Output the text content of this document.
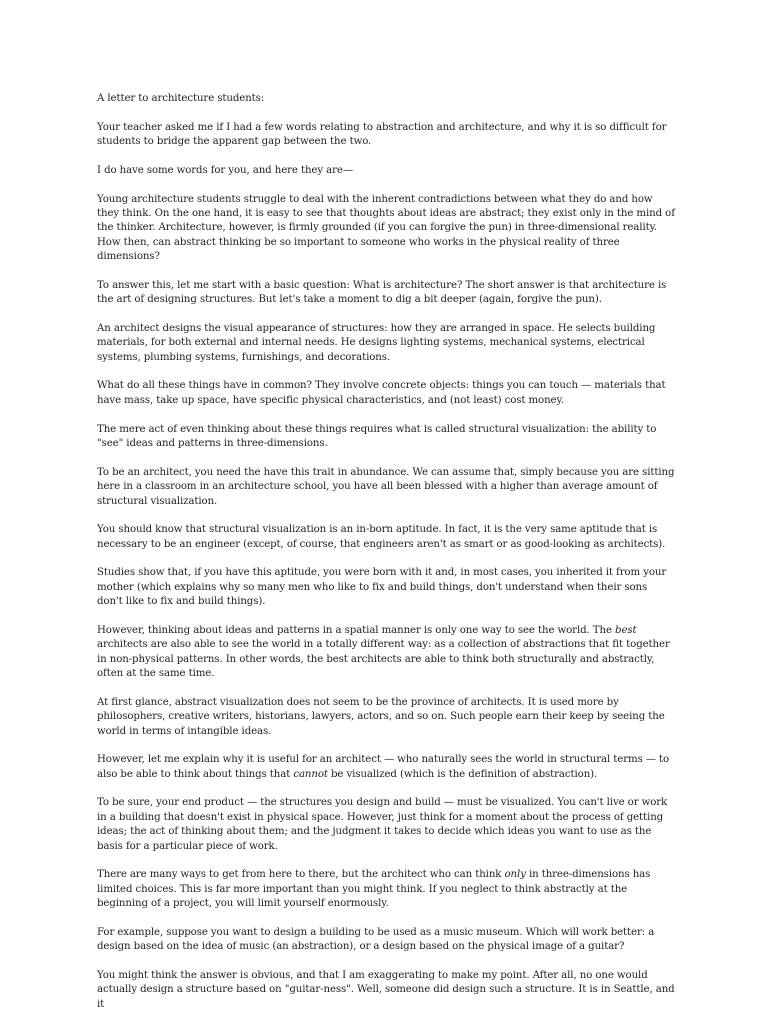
A letter to architecture students:

Your teacher asked me if I had a few words relating to abstraction and architecture, and why it is so difficult for students to bridge the apparent gap between the two.

I do have some words for you, and here they are—

Young architecture students struggle to deal with the inherent contradictions between what they do and how they think. On the one hand, it is easy to see that thoughts about ideas are abstract; they exist only in the mind of the thinker. Architecture, however, is firmly grounded (if you can forgive the pun) in three-dimensional reality. How then, can abstract thinking be so important to someone who works in the physical reality of three dimensions?

To answer this, let me start with a basic question: What is architecture? The short answer is that architecture is the art of designing structures. But let's take a moment to dig a bit deeper (again, forgive the pun).

An architect designs the visual appearance of structures: how they are arranged in space. He selects building materials, for both external and internal needs. He designs lighting systems, mechanical systems, electrical systems, plumbing systems, furnishings, and decorations.

What do all these things have in common? They involve concrete objects: things you can touch — materials that have mass, take up space, have specific physical characteristics, and (not least) cost money.

The mere act of even thinking about these things requires what is called structural visualization: the ability to "see" ideas and patterns in three-dimensions.

To be an architect, you need the have this trait in abundance. We can assume that, simply because you are sitting here in a classroom in an architecture school, you have all been blessed with a higher than average amount of structural visualization.

You should know that structural visualization is an in-born aptitude. In fact, it is the very same aptitude that is necessary to be an engineer (except, of course, that engineers aren't as smart or as good-looking as architects).

Studies show that, if you have this aptitude, you were born with it and, in most cases, you inherited it from your mother (which explains why so many men who like to fix and build things, don't understand when their sons don't like to fix and build things).

However, thinking about ideas and patterns in a spatial manner is only one way to see the world. The best architects are also able to see the world in a totally different way: as a collection of abstractions that fit together in non-physical patterns. In other words, the best architects are able to think both structurally and abstractly, often at the same time.

At first glance, abstract visualization does not seem to be the province of architects. It is used more by philosophers, creative writers, historians, lawyers, actors, and so on. Such people earn their keep by seeing the world in terms of intangible ideas.

However, let me explain why it is useful for an architect — who naturally sees the world in structural terms — to also be able to think about things that cannot be visualized (which is the definition of abstraction).

To be sure, your end product — the structures you design and build — must be visualized. You can't live or work in a building that doesn't exist in physical space. However, just think for a moment about the process of getting ideas; the act of thinking about them; and the judgment it takes to decide which ideas you want to use as the basis for a particular piece of work.

There are many ways to get from here to there, but the architect who can think only in three-dimensions has limited choices. This is far more important than you might think. If you neglect to think abstractly at the beginning of a project, you will limit yourself enormously.

For example, suppose you want to design a building to be used as a music museum. Which will work better: a design based on the idea of music (an abstraction), or a design based on the physical image of a guitar?

You might think the answer is obvious, and that I am exaggerating to make my point. After all, no one would actually design a structure based on "guitar-ness". Well, someone did design such a structure. It is in Seattle, and it
